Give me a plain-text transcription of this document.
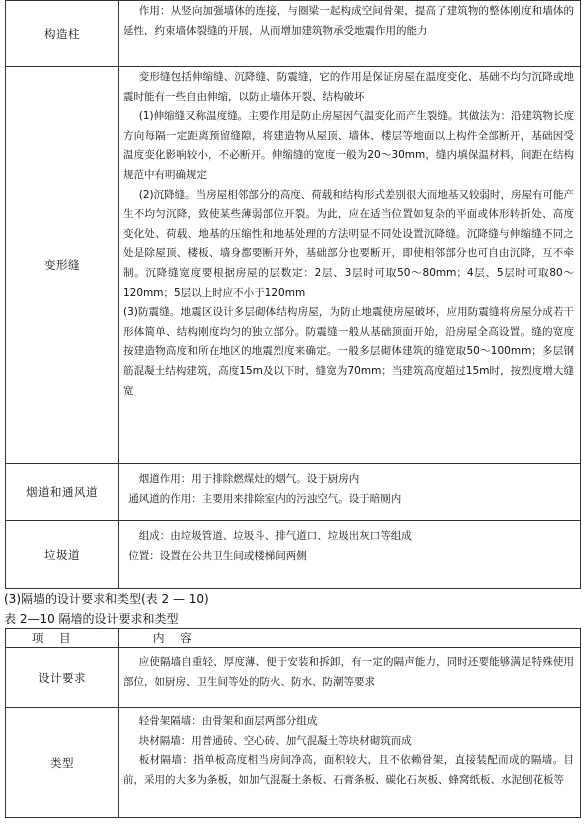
构造柱	作用：从竖向加强墙体的连接，与圈梁一起构成空间骨架，提高了建筑物的整体刚度和墙体的延性，约束墙体裂缝的开展，从而增加建筑物承受地震作用的能力

变形缝	变形缝包括伸缩缝、沉降缝、防震缝，它的作用是保证房屋在温度变化、基础不均匀沉降或地震时能有一些自由伸缩，以防止墙体开裂、结构破坏

(1)伸缩缝又称温度缝。主要作用是防止房屋因气温变化而产生裂缝。其做法为：沿建筑物长度方向每隔一定距离预留缝隙，将建造物从屋顶、墙体、楼层等地面以上构件全部断开，基础因受温度变化影响较小，不必断开。伸缩缝的宽度一般为20～30mm，缝内填保温材料，间距在结构规范中有明确规定

(2)沉降缝。当房屋相邻部分的高度、荷载和结构形式差别很大而地基又较弱时，房屋有可能产生不均匀沉降，致使某些薄弱部位开裂。为此，应在适当位置如复杂的平面或体形转折处、高度变化处、荷载、地基的压缩性和地基处理的方法明显不同处设置沉降缝。沉降缝与伸缩缝不同之处是除屋顶、楼板、墙身都要断开外，基础部分也要断开，即使相邻部分也可自由沉降，互不牵制。沉降缝宽度要根据房屋的层数定：2层、3层时可取50～80mm；4层、5层时可取80～120mm；5层以上时应不小于120mm

(3)防震缝。地震区设计多层砌体结构房屋，为防止地震使房屋破坏，应用防震缝将房屋分成若干形体简单、结构刚度均匀的独立部分。防震缝一般从基础顶面开始，沿房屋全高设置。缝的宽度按建造物高度和所在地区的地震烈度来确定。一般多层砌体建筑的缝宽取50～100mm；多层钢筋混凝土结构建筑，高度15m及以下时，缝宽为70mm；当建筑高度超过15m时，按烈度增大缝宽

烟道和通风道	烟道作用：用于排除燃煤灶的烟气。设于厨房内

通风道的作用：主要用来排除室内的污浊空气。设于暗厕内

垃圾道	组成：由垃圾管道、垃圾斗、排气道口、垃圾出灰口等组成

位置：设置在公共卫生间或楼梯间两侧

(3)隔墙的设计要求和类型(表 2 — 10)
表 2—10 隔墙的设计要求和类型
项 目	内 容
设计要求	应使隔墙自重轻、厚度薄、便于安装和拆卸，有一定的隔声能力，同时还要能够满足特殊使用部位，如厨房、卫生间等处的防火、防水、防潮等要求

类型	轻骨架隔墙：由骨架和面层两部分组成

块材隔墙：用普通砖、空心砖、加气混凝土等块材砌筑而成

板材隔墙：指单板高度相当房间净高，面积较大，且不依赖骨架，直接装配而成的隔墙。目前，采用的大多为条板，如加气混凝土条板、石膏条板、碳化石灰板、蜂窝纸板、水泥刨花板等
